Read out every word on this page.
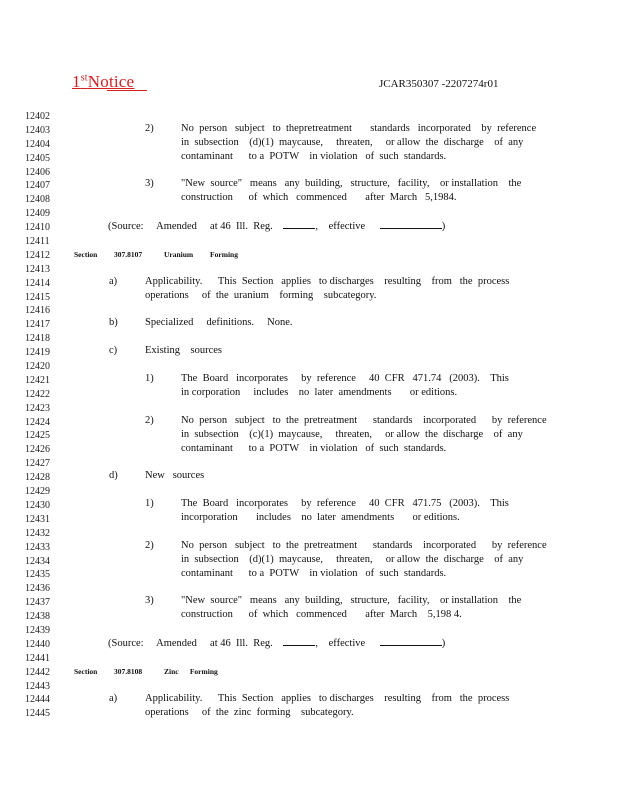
1stNotice	JCAR350307 -2207274r01
12402
12403
12404
12405
12406
12407
12408
12409
12410
12411
12412
12413
12414
12415
12416
12417
12418
12419
12420
12421
12422
12423
12424
12425
12426
12427
12428
12429
12430
12431
12432
12433
12434
12435
12436
12437
12438
12439
12440
12441
12442
12443
12444
12445
2)	No  person   subject   to  thepretreatment       standards   incorporated    by  reference
in  subsection    (d)(1)  maycause,     threaten,     or allow  the  discharge    of  any
contaminant      to a  POTW    in violation   of  such  standards.
3)	"New  source"   means   any  building,   structure,   facility,    or installation    the
construction      of  which   commenced       after  March   5,1984.
(Source:     Amended     at 46  Ill.  Reg.	, effective	)
Section 307.8107	Uranium         Forming
a)	Applicability.      This  Section   applies   to discharges    resulting    from   the  process
operations     of  the  uranium    forming    subcategory.
b)	Specialized     definitions.     None.
c)	Existing    sources
1)	The  Board   incorporates     by  reference     40  CFR   471.74   (2003).    This
in corporation     includes    no  later  amendments       or editions.
2)	No  person   subject   to  the  pretreatment      standards    incorporated      by  reference
in  subsection    (c)(1)  maycause,     threaten,     or allow  the  discharge    of  any
contaminant      to a  POTW    in violation   of  such  standards.
d)	New   sources
1)	The  Board   incorporates     by  reference     40  CFR   471.75   (2003).    This
incorporation       includes    no  later  amendments       or editions.
2)	No  person   subject   to  the  pretreatment      standards    incorporated      by  reference
in  subsection    (d)(1)  maycause,     threaten,     or allow  the  discharge    of  any
contaminant      to a  POTW    in violation   of  such  standards.
3)	"New  source"   means   any  building,   structure,   facility,    or installation    the
construction      of  which   commenced       after  March    5,198 4.
(Source:     Amended     at 46  Ill.  Reg.	, effective	)
Section 307.8108	Zinc      Forming
a)	Applicability.      This  Section   applies   to discharges    resulting    from   the  process
operations     of  the  zinc  forming    subcategory.
